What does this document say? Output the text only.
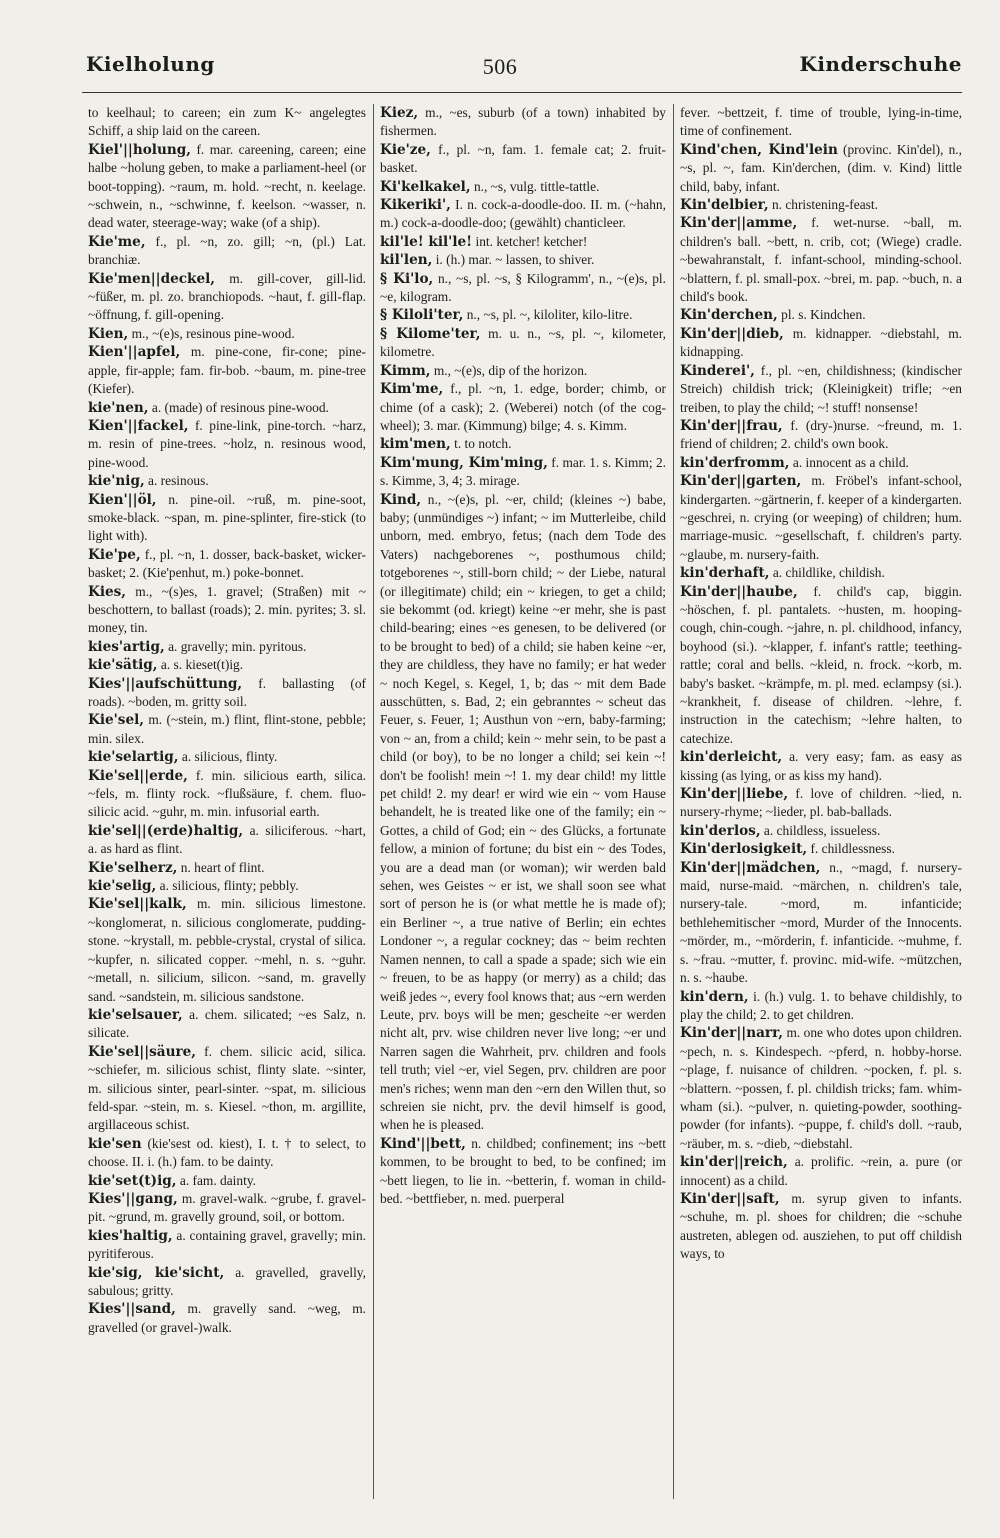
Kielholung	506	Kinderschuhe

to keelhaul; to careen; ein zum K~ angelegtes Schiff, a ship laid on the careen.

Kiel'||holung, f. mar. careening, careen; eine halbe ~holung geben, to make a parliament-heel (or boot-topping). ~raum, m. hold. ~recht, n. keelage. ~schwein, n., ~schwinne, f. keelson. ~wasser, n. dead water, steerage-way; wake (of a ship).

Kie'me, f., pl. ~n, zo. gill; ~n, (pl.) Lat. branchiæ.

Kie'men||deckel, m. gill-cover, gill-lid. ~füßer, m. pl. zo. branchiopods. ~haut, f. gill-flap. ~öffnung, f. gill-opening.

Kien, m., ~(e)s, resinous pine-wood.

Kien'||apfel, m. pine-cone, fir-cone; pine-apple, fir-apple; fam. fir-bob. ~baum, m. pine-tree (Kiefer).

kie'nen, a. (made) of resinous pine-wood.

Kien'||fackel, f. pine-link, pine-torch. ~harz, m. resin of pine-trees. ~holz, n. resinous wood, pine-wood.

kie'nig, a. resinous.

Kien'||öl, n. pine-oil. ~ruß, m. pine-soot, smoke-black. ~span, m. pine-splinter, fire-stick (to light with).

Kie'pe, f., pl. ~n, 1. dosser, back-basket, wicker-basket; 2. (Kie'penhut, m.) poke-bonnet.

Kies, m., ~(s)es, 1. gravel; (Straßen) mit ~ beschottern, to ballast (roads); 2. min. pyrites; 3. sl. money, tin.

kies'artig, a. gravelly; min. pyritous.

kie'sätig, a. s. kieset(t)ig.

Kies'||aufschüttung, f. ballasting (of roads). ~boden, m. gritty soil.

Kie'sel, m. (~stein, m.) flint, flint-stone, pebble; min. silex.

kie'selartig, a. silicious, flinty.

Kie'sel||erde, f. min. silicious earth, silica. ~fels, m. flinty rock. ~flußsäure, f. chem. fluo-silicic acid. ~guhr, m. min. infusorial earth.

kie'sel||(erde)haltig, a. siliciferous. ~hart, a. as hard as flint.

Kie'selherz, n. heart of flint.

kie'selig, a. silicious, flinty; pebbly.

Kie'sel||kalk, m. min. silicious limestone. ~konglomerat, n. silicious conglomerate, pudding-stone. ~krystall, m. pebble-crystal, crystal of silica. ~kupfer, n. silicated copper. ~mehl, n. s. ~guhr. ~metall, n. silicium, silicon. ~sand, m. gravelly sand. ~sandstein, m. silicious sandstone.

kie'selsauer, a. chem. silicated; ~es Salz, n. silicate.

Kie'sel||säure, f. chem. silicic acid, silica. ~schiefer, m. silicious schist, flinty slate. ~sinter, m. silicious sinter, pearl-sinter. ~spat, m. silicious feld-spar. ~stein, m. s. Kiesel. ~thon, m. argillite, argillaceous schist.

kie'sen (kie'sest od. kiest), I. t. † to select, to choose. II. i. (h.) fam. to be dainty.

kie'set(t)ig, a. fam. dainty.

Kies'||gang, m. gravel-walk. ~grube, f. gravel-pit. ~grund, m. gravelly ground, soil, or bottom.

kies'haltig, a. containing gravel, gravelly; min. pyritiferous.

kie'sig, kie'sicht, a. gravelled, gravelly, sabulous; gritty.

Kies'||sand, m. gravelly sand. ~weg, m. gravelled (or gravel-)walk.

Kiez, m., ~es, suburb (of a town) inhabited by fishermen.

Kie'ze, f., pl. ~n, fam. 1. female cat; 2. fruit-basket.

Ki'kelkakel, n., ~s, vulg. tittle-tattle.

Kikeriki', I. n. cock-a-doodle-doo. II. m. (~hahn, m.) cock-a-doodle-doo; (gewählt) chanticleer.

kil'le! kil'le! int. ketcher! ketcher!

kil'len, i. (h.) mar. ~ lassen, to shiver.

§ Ki'lo, n., ~s, pl. ~s, § Kilogramm', n., ~(e)s, pl. ~e, kilogram.

§ Kiloli'ter, n., ~s, pl. ~, kiloliter, kilo-litre.

§ Kilome'ter, m. u. n., ~s, pl. ~, kilometer, kilometre.

Kimm, m., ~(e)s, dip of the horizon.

Kim'me, f., pl. ~n, 1. edge, border; chimb, or chime (of a cask); 2. (Weberei) notch (of the cog-wheel); 3. mar. (Kimmung) bilge; 4. s. Kimm.

kim'men, t. to notch.

Kim'mung, Kim'ming, f. mar. 1. s. Kimm; 2. s. Kimme, 3, 4; 3. mirage.

Kind, n., ~(e)s, pl. ~er, child; (kleines ~) babe, baby; (unmündiges ~) infant; ~ im Mutterleibe, child unborn, med. embryo, fetus; (nach dem Tode des Vaters) nachgeborenes ~, posthumous child; totgeborenes ~, still-born child; ~ der Liebe, natural (or illegitimate) child; ein ~ kriegen, to get a child; sie bekommt (od. kriegt) keine ~er mehr, she is past child-bearing; eines ~es genesen, to be delivered (or to be brought to bed) of a child; sie haben keine ~er, they are childless, they have no family; er hat weder ~ noch Kegel, s. Kegel, 1, b; das ~ mit dem Bade ausschütten, s. Bad, 2; ein gebranntes ~ scheut das Feuer, s. Feuer, 1; Austhun von ~ern, baby-farming; von ~ an, from a child; kein ~ mehr sein, to be past a child (or boy), to be no longer a child; sei kein ~! don't be foolish! mein ~! 1. my dear child! my little pet child! 2. my dear! er wird wie ein ~ vom Hause behandelt, he is treated like one of the family; ein ~ Gottes, a child of God; ein ~ des Glücks, a fortunate fellow, a minion of fortune; du bist ein ~ des Todes, you are a dead man (or woman); wir werden bald sehen, wes Geistes ~ er ist, we shall soon see what sort of person he is (or what mettle he is made of); ein Berliner ~, a true native of Berlin; ein echtes Londoner ~, a regular cockney; das ~ beim rechten Namen nennen, to call a spade a spade; sich wie ein ~ freuen, to be as happy (or merry) as a child; das weiß jedes ~, every fool knows that; aus ~ern werden Leute, prv. boys will be men; gescheite ~er werden nicht alt, prv. wise children never live long; ~er und Narren sagen die Wahrheit, prv. children and fools tell truth; viel ~er, viel Segen, prv. children are poor men's riches; wenn man den ~ern den Willen thut, so schreien sie nicht, prv. the devil himself is good, when he is pleased.

Kind'||bett, n. childbed; confinement; ins ~bett kommen, to be brought to bed, to be confined; im ~bett liegen, to lie in. ~betterin, f. woman in child-bed. ~bettfieber, n. med. puerperal

fever. ~bettzeit, f. time of trouble, lying-in-time, time of confinement.

Kind'chen, Kind'lein (provinc. Kin'del), n., ~s, pl. ~, fam. Kin'derchen, (dim. v. Kind) little child, baby, infant.

Kin'delbier, n. christening-feast.

Kin'der||amme, f. wet-nurse. ~ball, m. children's ball. ~bett, n. crib, cot; (Wiege) cradle. ~bewahranstalt, f. infant-school, minding-school. ~blattern, f. pl. small-pox. ~brei, m. pap. ~buch, n. a child's book.

Kin'derchen, pl. s. Kindchen.

Kin'der||dieb, m. kidnapper. ~diebstahl, m. kidnapping.

Kinderei', f., pl. ~en, childishness; (kindischer Streich) childish trick; (Kleinigkeit) trifle; ~en treiben, to play the child; ~! stuff! nonsense!

Kin'der||frau, f. (dry-)nurse. ~freund, m. 1. friend of children; 2. child's own book.

kin'derfromm, a. innocent as a child.

Kin'der||garten, m. Fröbel's infant-school, kindergarten. ~gärtnerin, f. keeper of a kindergarten. ~geschrei, n. crying (or weeping) of children; hum. marriage-music. ~gesellschaft, f. children's party. ~glaube, m. nursery-faith.

kin'derhaft, a. childlike, childish.

Kin'der||haube, f. child's cap, biggin. ~höschen, f. pl. pantalets. ~husten, m. hooping-cough, chin-cough. ~jahre, n. pl. childhood, infancy, boyhood (si.). ~klapper, f. infant's rattle; teething-rattle; coral and bells. ~kleid, n. frock. ~korb, m. baby's basket. ~krämpfe, m. pl. med. eclampsy (si.). ~krankheit, f. disease of children. ~lehre, f. instruction in the catechism; ~lehre halten, to catechize.

kin'derleicht, a. very easy; fam. as easy as kissing (as lying, or as kiss my hand).

Kin'der||liebe, f. love of children. ~lied, n. nursery-rhyme; ~lieder, pl. bab-ballads.

kin'derlos, a. childless, issueless.

Kin'derlosigkeit, f. childlessness.

Kin'der||mädchen, n., ~magd, f. nursery-maid, nurse-maid. ~märchen, n. children's tale, nursery-tale. ~mord, m. infanticide; bethlehemitischer ~mord, Murder of the Innocents. ~mörder, m., ~mörderin, f. infanticide. ~muhme, f. s. ~frau. ~mutter, f. provinc. mid-wife. ~mützchen, n. s. ~haube.

kin'dern, i. (h.) vulg. 1. to behave childishly, to play the child; 2. to get children.

Kin'der||narr, m. one who dotes upon children. ~pech, n. s. Kindespech. ~pferd, n. hobby-horse. ~plage, f. nuisance of children. ~pocken, f. pl. s. ~blattern. ~possen, f. pl. childish tricks; fam. whim-wham (si.). ~pulver, n. quieting-powder, soothing-powder (for infants). ~puppe, f. child's doll. ~raub, ~räuber, m. s. ~dieb, ~diebstahl.

kin'der||reich, a. prolific. ~rein, a. pure (or innocent) as a child.

Kin'der||saft, m. syrup given to infants. ~schuhe, m. pl. shoes for children; die ~schuhe austreten, ablegen od. ausziehen, to put off childish ways, to
